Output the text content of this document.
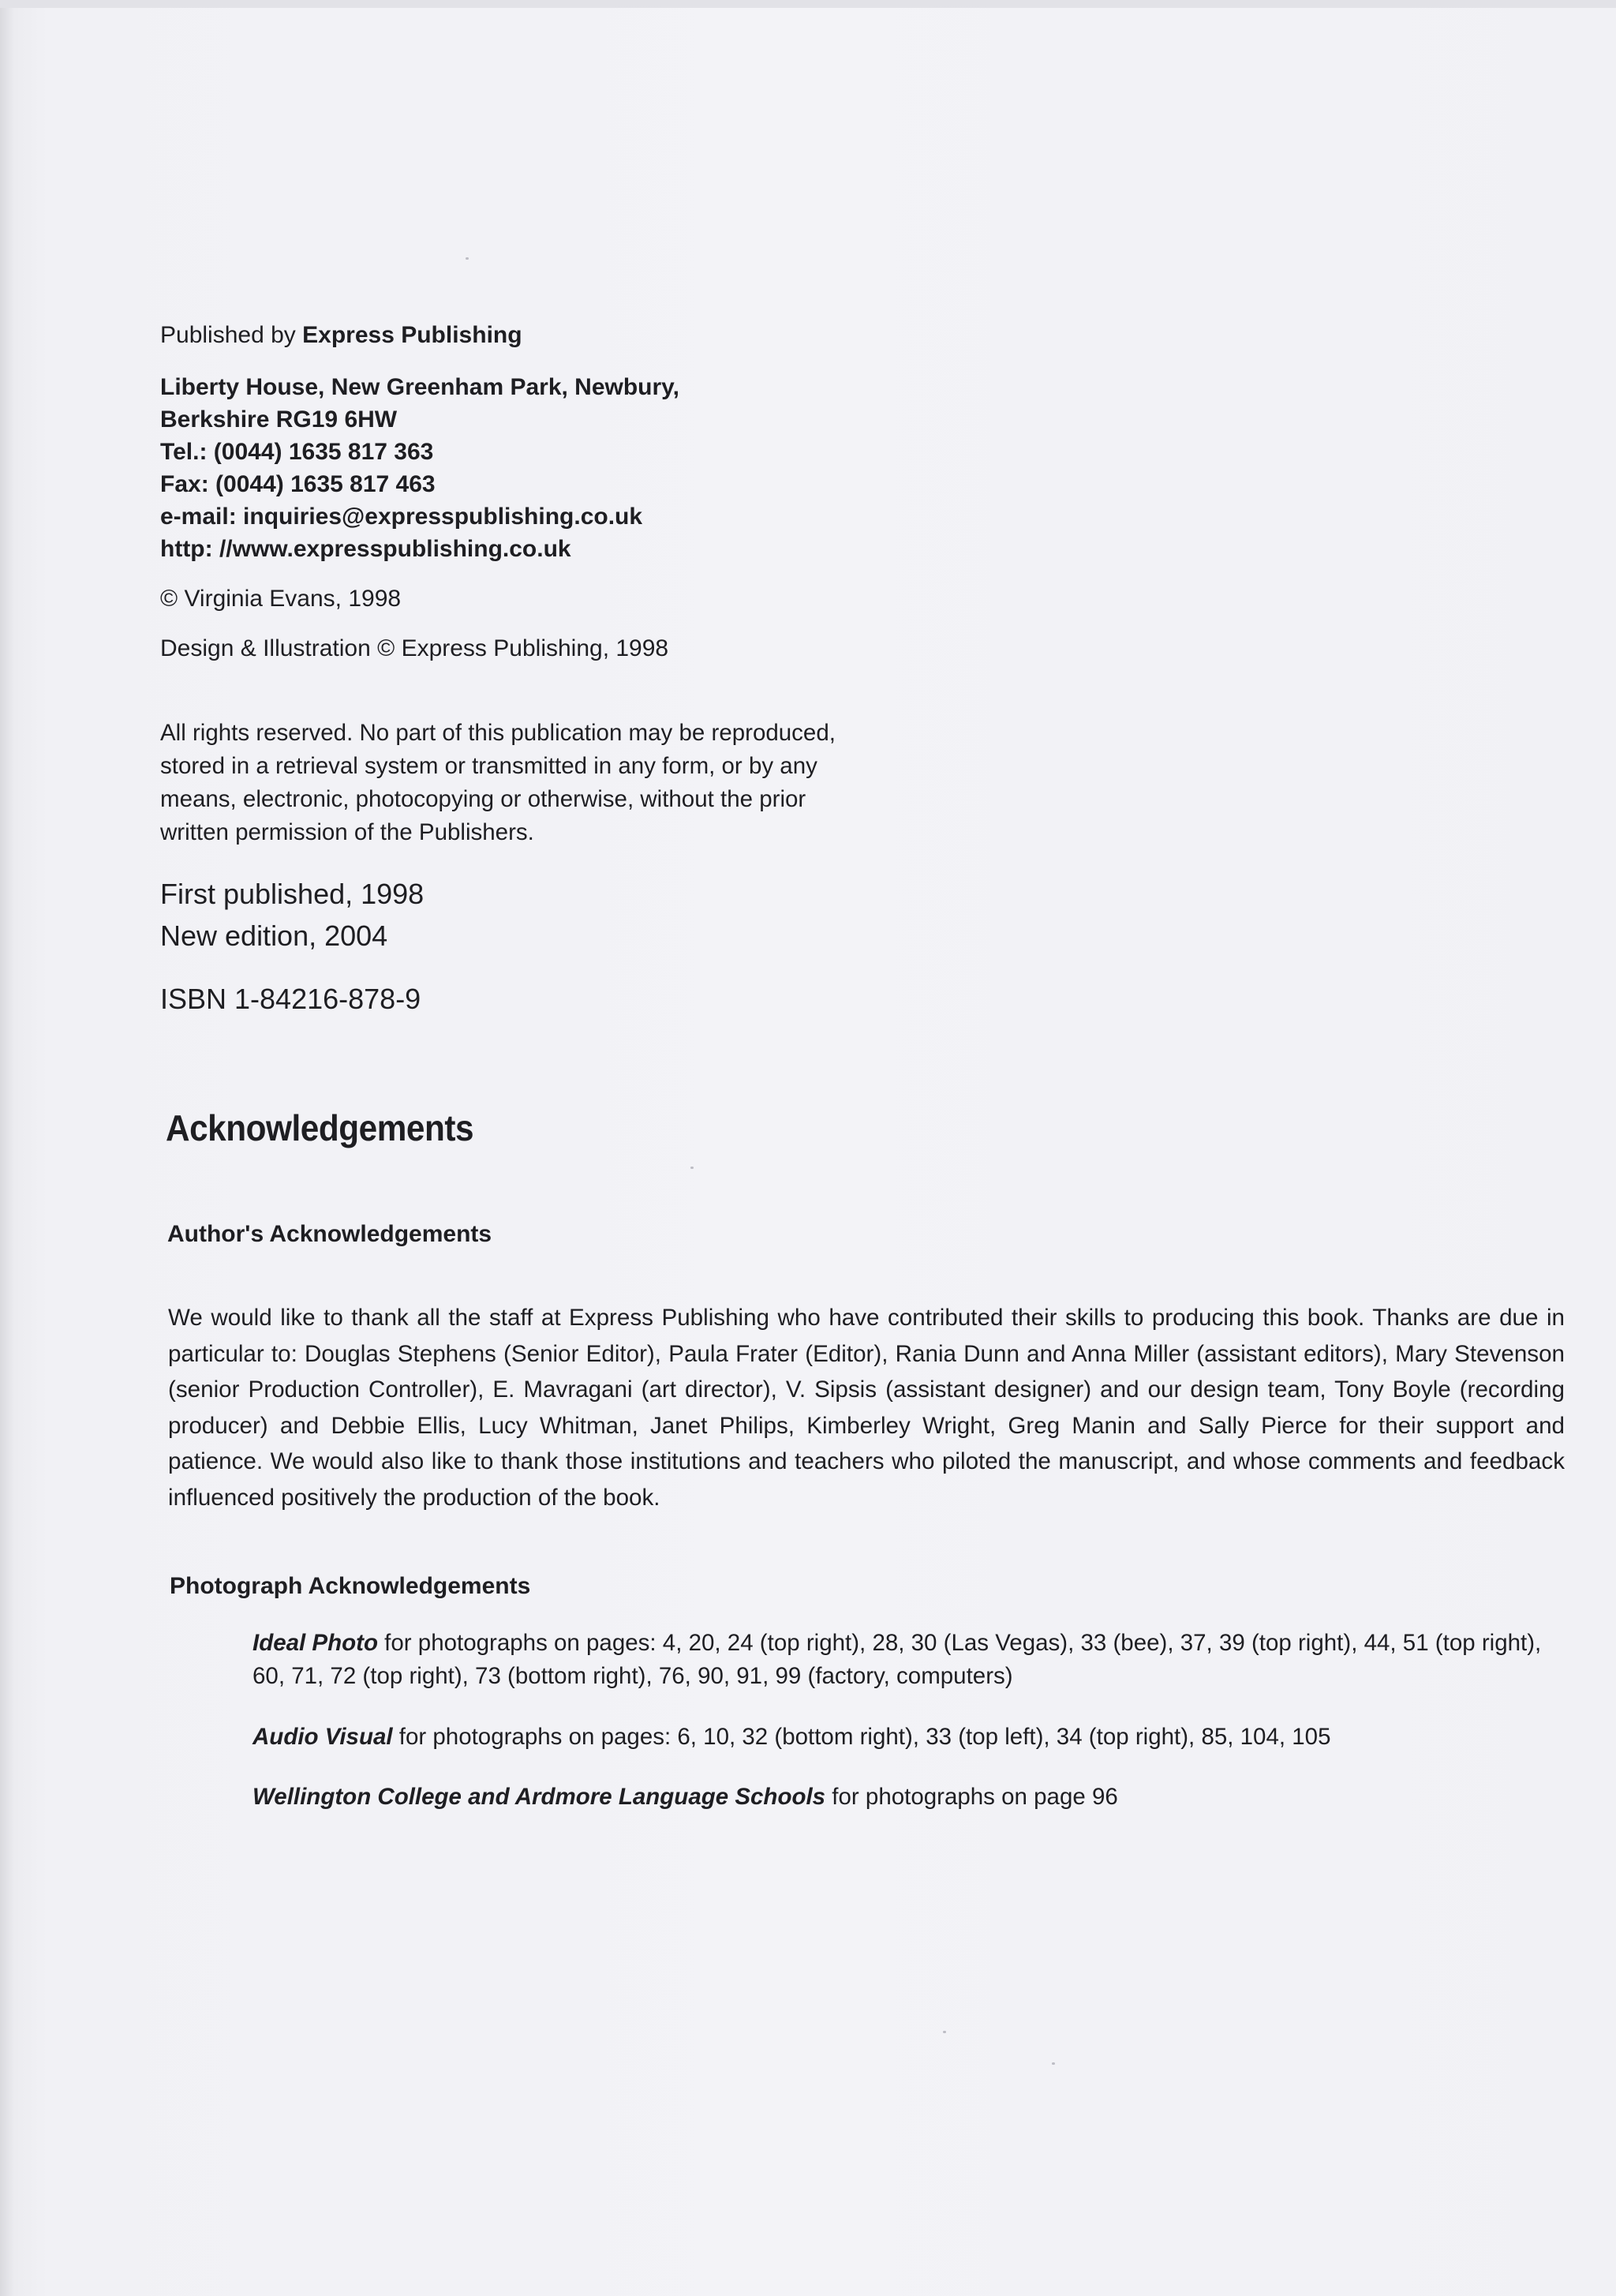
Published by Express Publishing
Liberty House, New Greenham Park, Newbury,
Berkshire RG19 6HW
Tel.: (0044) 1635 817 363
Fax: (0044) 1635 817 463
e-mail: inquiries@expresspublishing.co.uk
http: //www.expresspublishing.co.uk
© Virginia Evans, 1998
Design & Illustration © Express Publishing, 1998
All rights reserved. No part of this publication may be reproduced,
stored in a retrieval system or transmitted in any form, or by any
means, electronic, photocopying or otherwise, without the prior
written permission of the Publishers.
First published, 1998
New edition, 2004
ISBN 1-84216-878-9
Acknowledgements
Author's Acknowledgements
We would like to thank all the staff at Express Publishing who have contributed their skills to producing this book. Thanks are due in particular to: Douglas Stephens (Senior Editor), Paula Frater (Editor), Rania Dunn and Anna Miller (assistant editors), Mary Stevenson (senior Production Controller), E. Mavragani (art director), V. Sipsis (assistant designer) and our design team, Tony Boyle (recording producer) and Debbie Ellis, Lucy Whitman, Janet Philips, Kimberley Wright, Greg Manin and Sally Pierce for their support and patience. We would also like to thank those institutions and teachers who piloted the manuscript, and whose comments and feedback influenced positively the production of the book.
Photograph Acknowledgements
Ideal Photo for photographs on pages: 4, 20, 24 (top right), 28, 30 (Las Vegas), 33 (bee), 37, 39 (top right), 44, 51 (top right), 60, 71, 72 (top right), 73 (bottom right), 76, 90, 91, 99 (factory, computers)
Audio Visual for photographs on pages: 6, 10, 32 (bottom right), 33 (top left), 34 (top right), 85, 104, 105
Wellington College and Ardmore Language Schools for photographs on page 96
